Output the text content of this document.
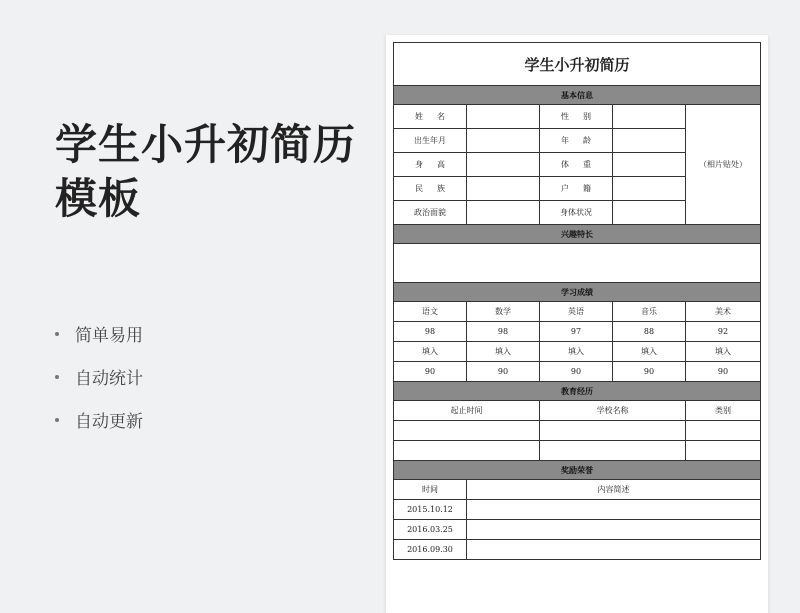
学生小升初简历模板
简单易用
自动统计
自动更新
学生小升初简历				
基本信息				
姓名		性别		（相片贴处）
出生年月		年龄		
身高		体重		
民族		户籍		
政治面貌		身体状况		
兴趣特长				

学习成绩				
语文	数学	英语	音乐	美术
98	98	97	88	92
填入	填入	填入	填入	填入
90	90	90	90	90
教育经历				
起止时间		学校名称		类别

奖励荣誉				
时间	内容简述			
2015.10.12				
2016.03.25				
2016.09.30				
